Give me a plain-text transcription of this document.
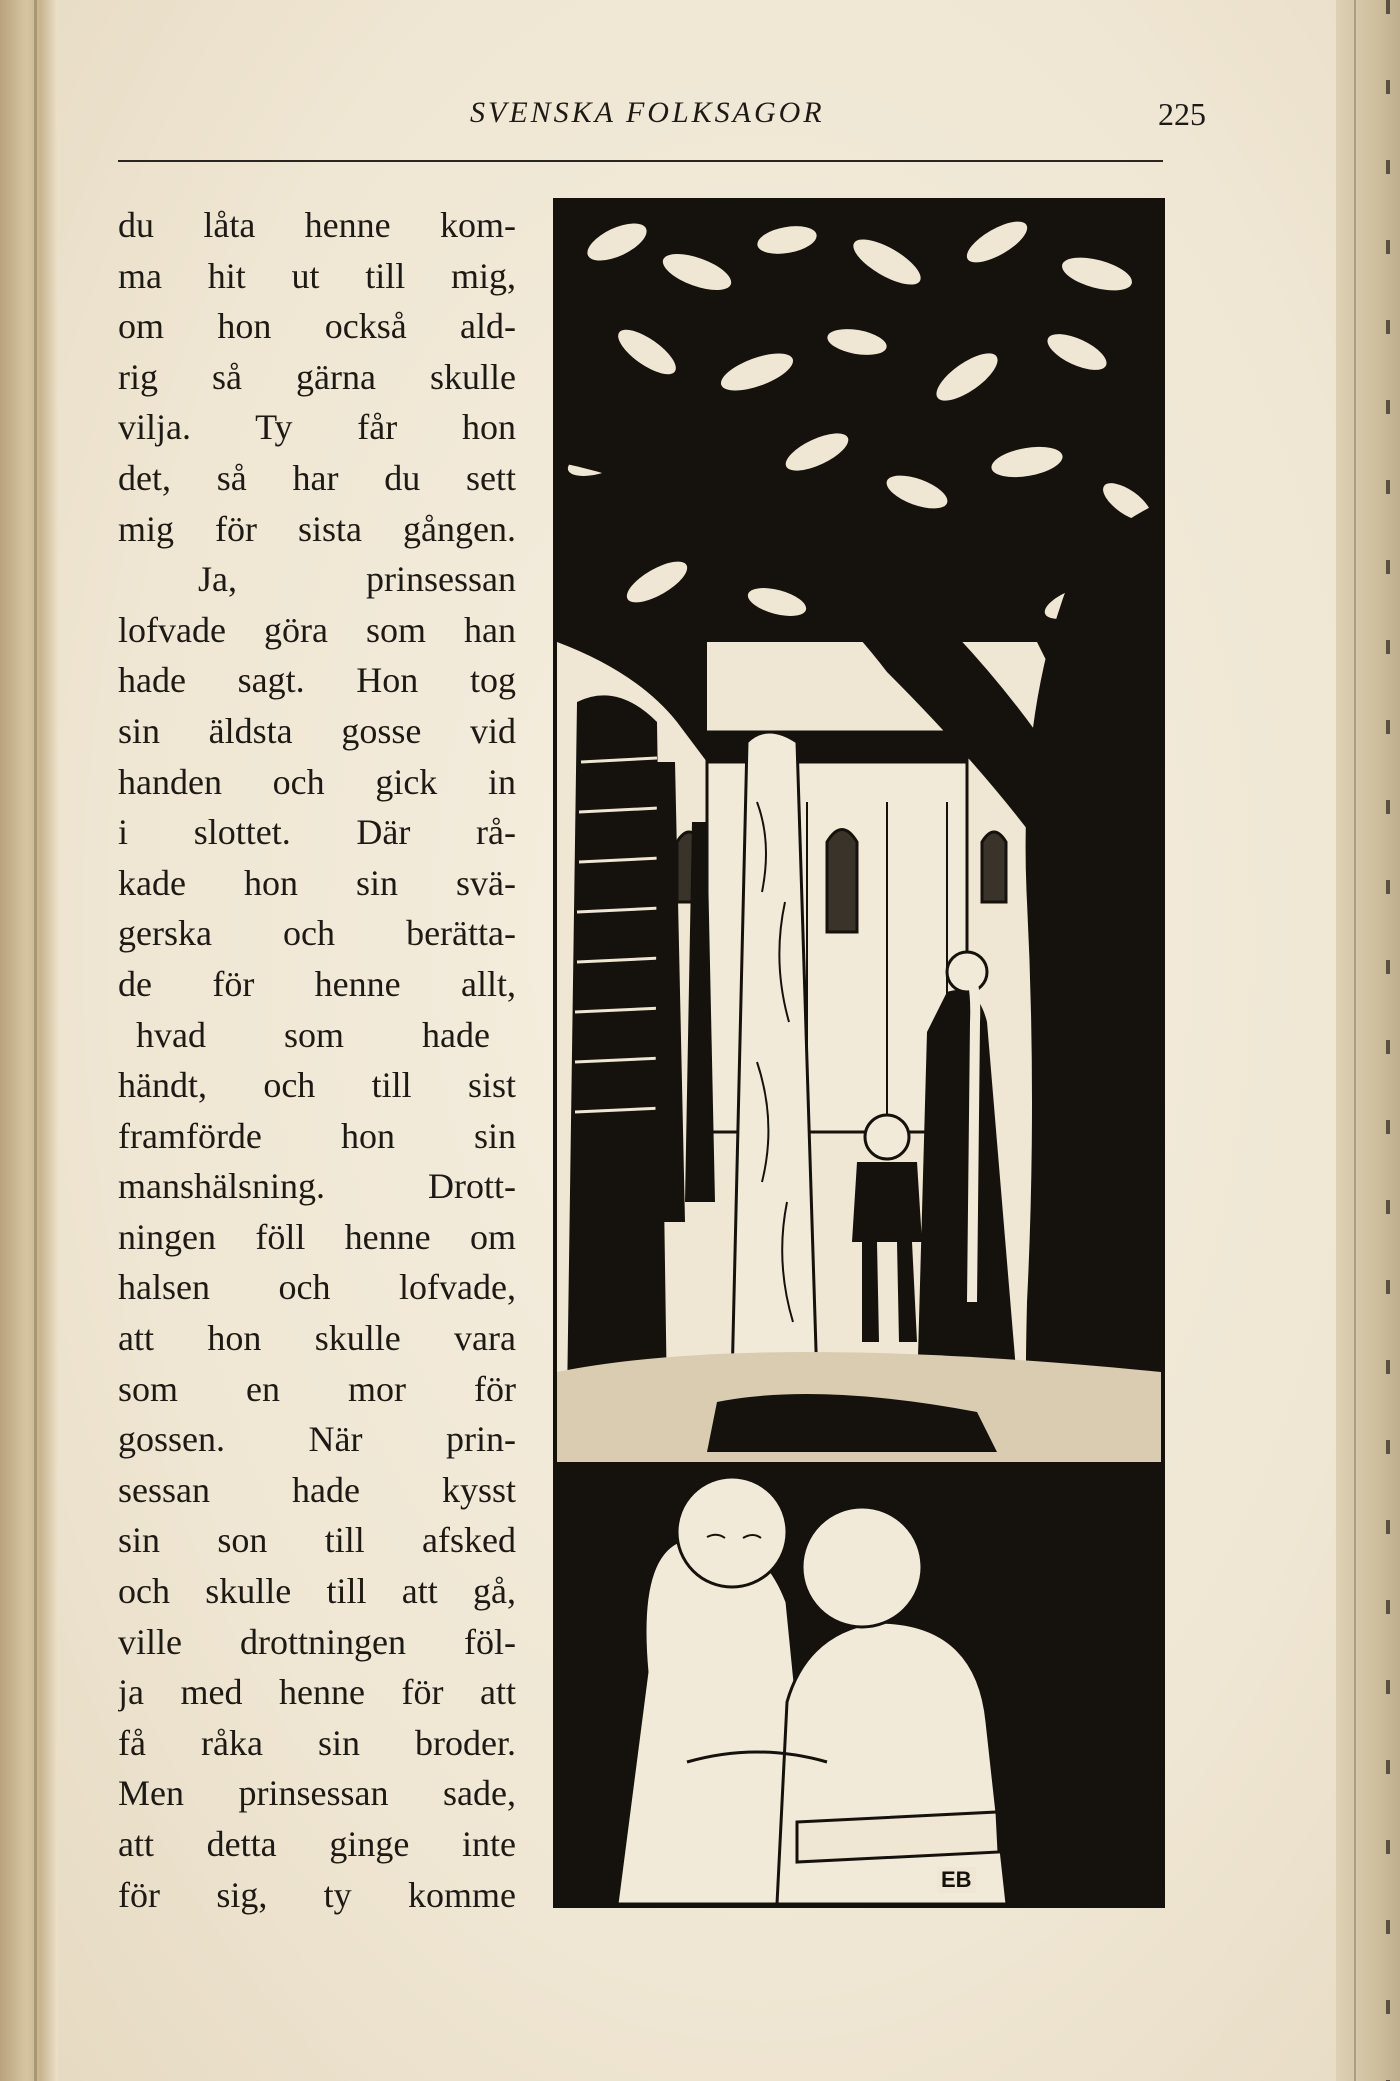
SVENSKA FOLKSAGOR	225
du låta henne kom-
ma hit ut till mig,
om hon också ald-
rig så gärna skulle
vilja. Ty får hon
det, så har du sett
mig för sista gången.
Ja, prinsessan
lofvade göra som han
hade sagt. Hon tog
sin äldsta gosse vid
handen och gick in
i slottet. Där rå-
kade hon sin svä-
gerska och berätta-
de för henne allt,
hvad som hade
händt, och till sist
framförde hon sin
manshälsning. Drott-
ningen föll henne om
halsen och lofvade,
att hon skulle vara
som en mor för
gossen. När prin-
sessan hade kysst
sin son till afsked
och skulle till att gå,
ville drottningen föl-
ja med henne för att
få råka sin broder.
Men prinsessan sade,
att detta ginge inte
för sig, ty komme	EB
